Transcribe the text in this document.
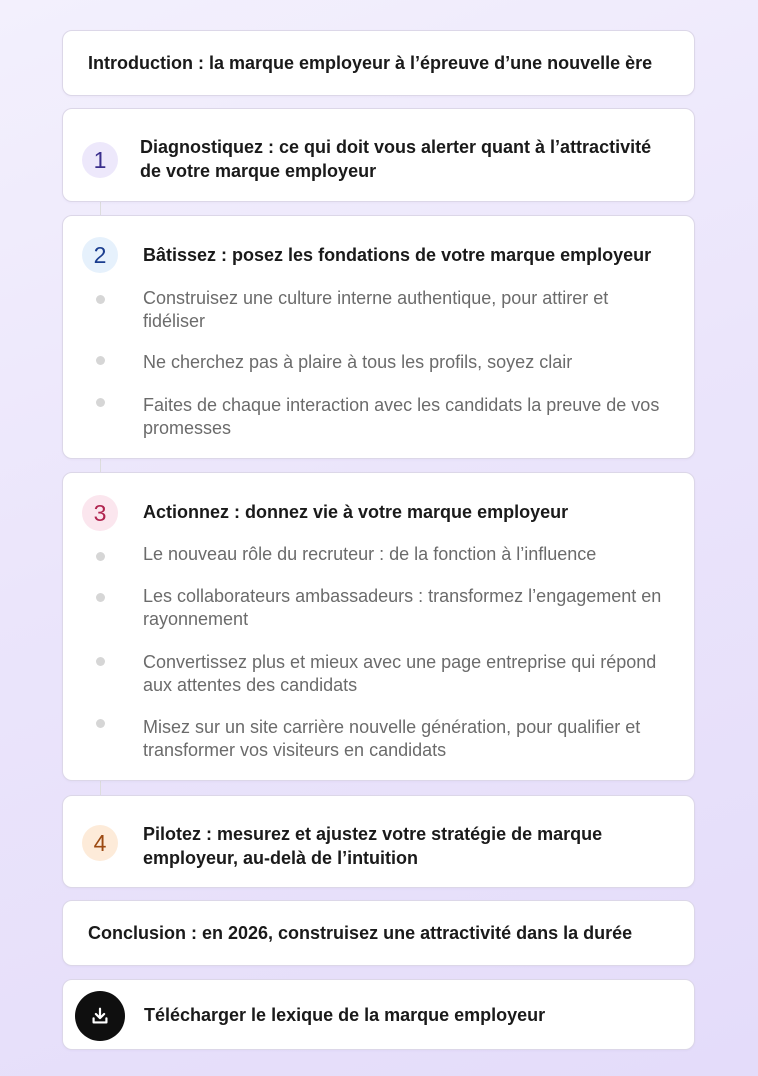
Introduction : la marque employeur à l’épreuve d’une nouvelle ère
1	Diagnostiquez : ce qui doit vous alerter quant à l’attractivité de votre marque employeur
2	Bâtissez : posez les fondations de votre marque employeur
Construisez une culture interne authentique, pour attirer et fidéliser
Ne cherchez pas à plaire à tous les profils, soyez clair
Faites de chaque interaction avec les candidats la preuve de vos promesses
3	Actionnez : donnez vie à votre marque employeur
Le nouveau rôle du recruteur : de la fonction à l’influence
Les collaborateurs ambassadeurs : transformez l’engagement en rayonnement
Convertissez plus et mieux avec une page entreprise qui répond aux attentes des candidats
Misez sur un site carrière nouvelle génération, pour qualifier et transformer vos visiteurs en candidats
4	Pilotez : mesurez et ajustez votre stratégie de marque employeur, au-delà de l’intuition
Conclusion : en 2026, construisez une attractivité dans la durée
Télécharger le lexique de la marque employeur
